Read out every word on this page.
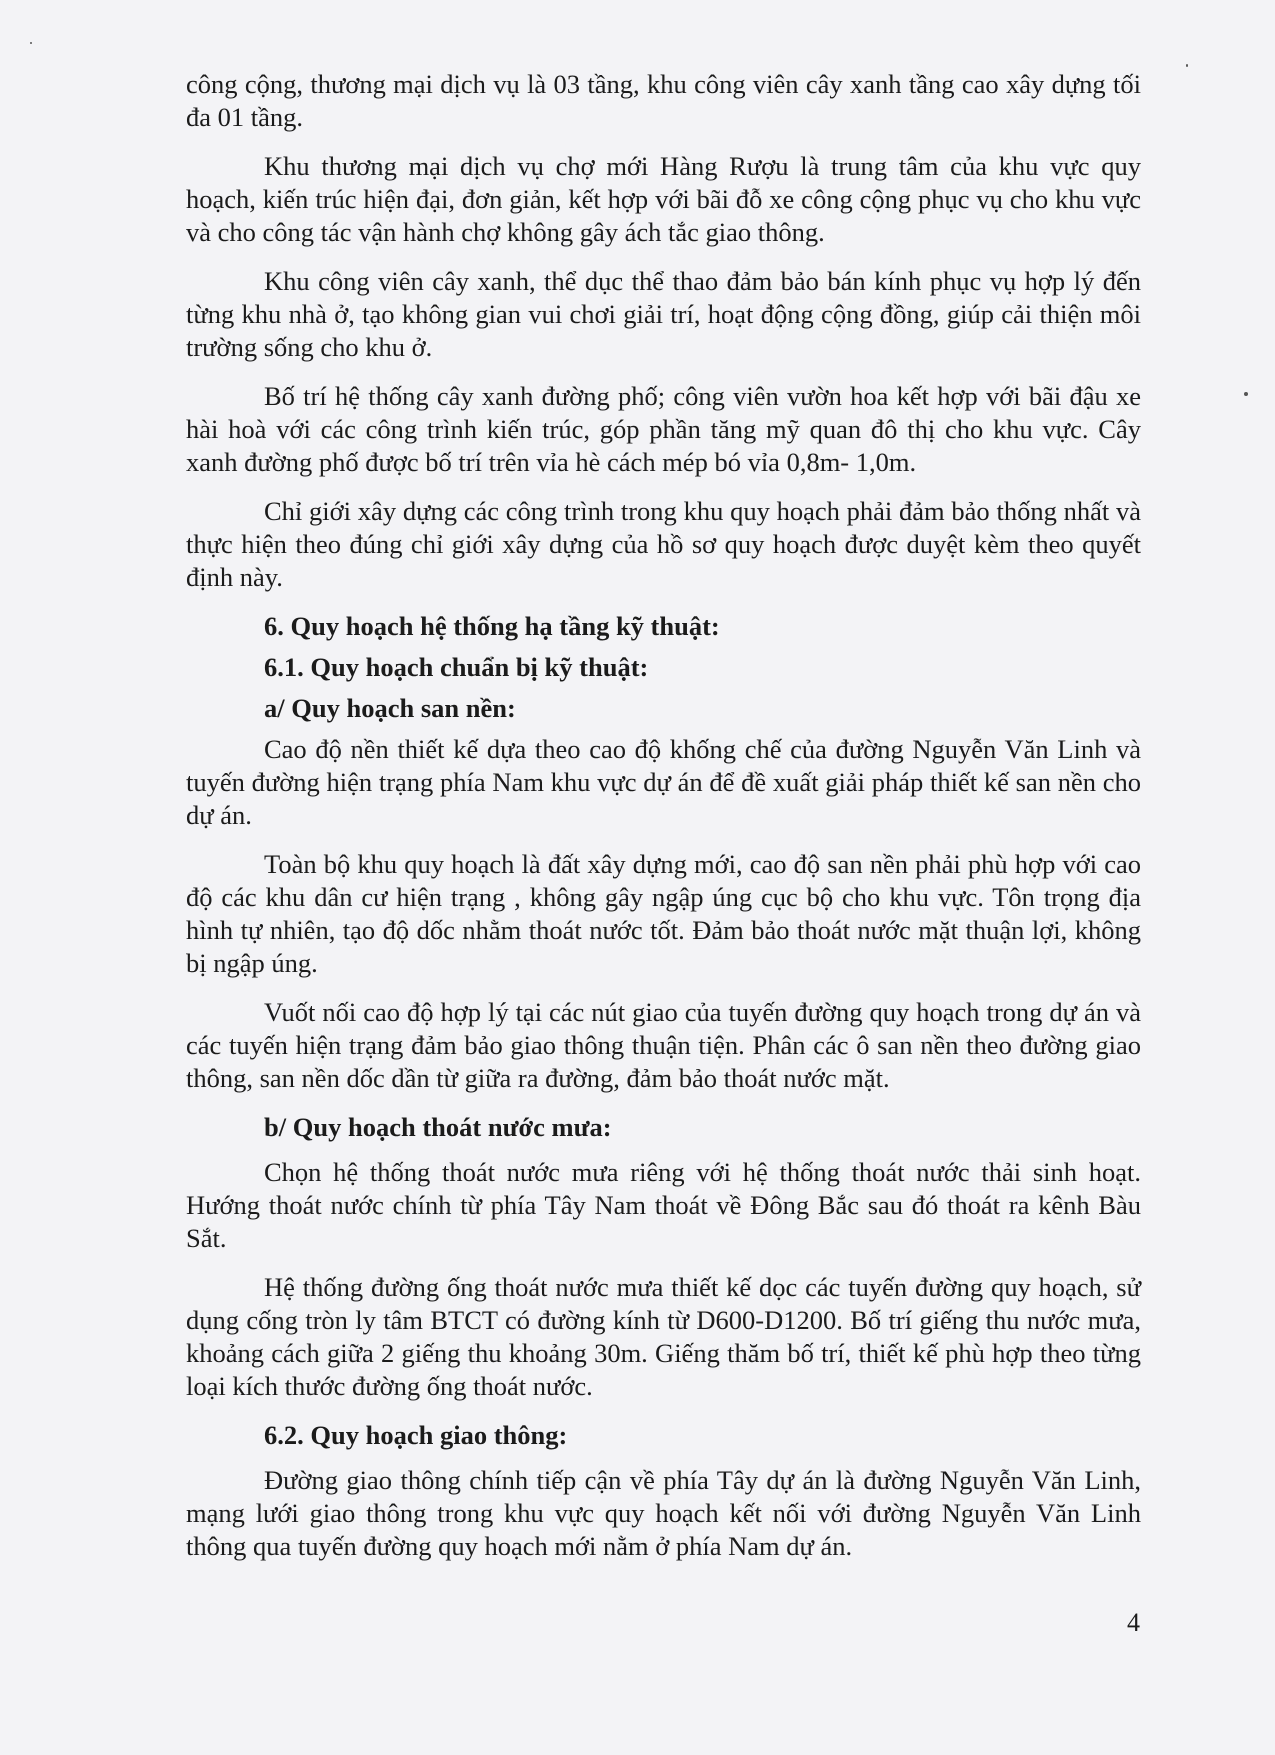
công cộng, thương mại dịch vụ là 03 tầng, khu công viên cây xanh tầng cao xây dựng tối đa 01 tầng.

Khu thương mại dịch vụ chợ mới Hàng Rượu là trung tâm của khu vực quy hoạch, kiến trúc hiện đại, đơn giản, kết hợp với bãi đỗ xe công cộng phục vụ cho khu vực và cho công tác vận hành chợ không gây ách tắc giao thông.

Khu công viên cây xanh, thể dục thể thao đảm bảo bán kính phục vụ hợp lý đến từng khu nhà ở, tạo không gian vui chơi giải trí, hoạt động cộng đồng, giúp cải thiện môi trường sống cho khu ở.

Bố trí hệ thống cây xanh đường phố; công viên vườn hoa kết hợp với bãi đậu xe hài hoà với các công trình kiến trúc, góp phần tăng mỹ quan đô thị cho khu vực. Cây xanh đường phố được bố trí trên vỉa hè cách mép bó vỉa 0,8m- 1,0m.

Chỉ giới xây dựng các công trình trong khu quy hoạch phải đảm bảo thống nhất và thực hiện theo đúng chỉ giới xây dựng của hồ sơ quy hoạch được duyệt kèm theo quyết định này.

6. Quy hoạch hệ thống hạ tầng kỹ thuật:
6.1. Quy hoạch chuẩn bị kỹ thuật:
a/ Quy hoạch san nền:

Cao độ nền thiết kế dựa theo cao độ khống chế của đường Nguyễn Văn Linh và tuyến đường hiện trạng phía Nam khu vực dự án để đề xuất giải pháp thiết kế san nền cho dự án.

Toàn bộ khu quy hoạch là đất xây dựng mới, cao độ san nền phải phù hợp với cao độ các khu dân cư hiện trạng , không gây ngập úng cục bộ cho khu vực. Tôn trọng địa hình tự nhiên, tạo độ dốc nhằm thoát nước tốt. Đảm bảo thoát nước mặt thuận lợi, không bị ngập úng.

Vuốt nối cao độ hợp lý tại các nút giao của tuyến đường quy hoạch trong dự án và các tuyến hiện trạng đảm bảo giao thông thuận tiện. Phân các ô san nền theo đường giao thông, san nền dốc dần từ giữa ra đường, đảm bảo thoát nước mặt.

b/ Quy hoạch thoát nước mưa:

Chọn hệ thống thoát nước mưa riêng với hệ thống thoát nước thải sinh hoạt. Hướng thoát nước chính từ phía Tây Nam thoát về Đông Bắc sau đó thoát ra kênh Bàu Sắt.

Hệ thống đường ống thoát nước mưa thiết kế dọc các tuyến đường quy hoạch, sử dụng cống tròn ly tâm BTCT có đường kính từ D600-D1200. Bố trí giếng thu nước mưa, khoảng cách giữa 2 giếng thu khoảng 30m. Giếng thăm bố trí, thiết kế phù hợp theo từng loại kích thước đường ống thoát nước.

6.2. Quy hoạch giao thông:

Đường giao thông chính tiếp cận về phía Tây dự án là đường Nguyễn Văn Linh, mạng lưới giao thông trong khu vực quy hoạch kết nối với đường Nguyễn Văn Linh thông qua tuyến đường quy hoạch mới nằm ở phía Nam dự án.

4
